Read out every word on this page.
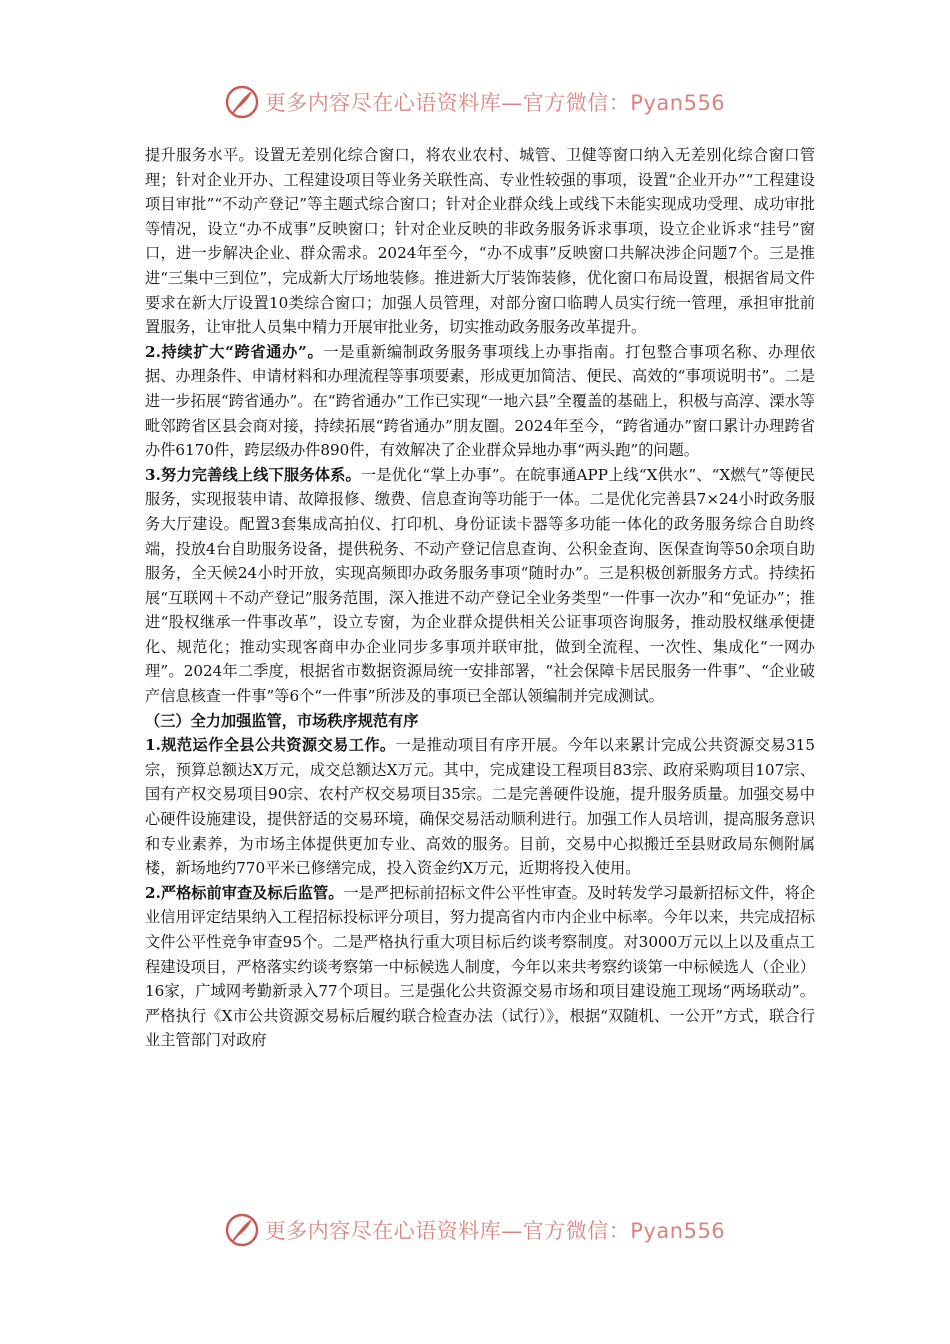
更多内容尽在心语资料库—官方微信：Pyan556

提升服务水平。设置无差别化综合窗口，将农业农村、城管、卫健等窗口纳入无差别化综合窗口管理；针对企业开办、工程建设项目等业务关联性高、专业性较强的事项，设置“企业开办”“工程建设项目审批”“不动产登记”等主题式综合窗口；针对企业群众线上或线下未能实现成功受理、成功审批等情况，设立“办不成事”反映窗口；针对企业反映的非政务服务诉求事项，设立企业诉求“挂号”窗口，进一步解决企业、群众需求。2024年至今，“办不成事”反映窗口共解决涉企问题7个。三是推进“三集中三到位”，完成新大厅场地装修。推进新大厅装饰装修，优化窗口布局设置，根据省局文件要求在新大厅设置10类综合窗口；加强人员管理，对部分窗口临聘人员实行统一管理，承担审批前置服务，让审批人员集中精力开展审批业务，切实推动政务服务改革提升。

2.持续扩大“跨省通办”。一是重新编制政务服务事项线上办事指南。打包整合事项名称、办理依据、办理条件、申请材料和办理流程等事项要素，形成更加简洁、便民、高效的“事项说明书”。二是进一步拓展“跨省通办”。在“跨省通办”工作已实现“一地六县”全覆盖的基础上，积极与高淳、溧水等毗邻跨省区县会商对接，持续拓展“跨省通办”朋友圈。2024年至今，“跨省通办”窗口累计办理跨省办件6170件，跨层级办件890件，有效解决了企业群众异地办事“两头跑”的问题。

3.努力完善线上线下服务体系。一是优化“掌上办事”。在皖事通APP上线“X供水”、“X燃气”等便民服务，实现报装申请、故障报修、缴费、信息查询等功能于一体。二是优化完善县7×24小时政务服务大厅建设。配置3套集成高拍仪、打印机、身份证读卡器等多功能一体化的政务服务综合自助终端，投放4台自助服务设备，提供税务、不动产登记信息查询、公积金查询、医保查询等50余项自助服务，全天候24小时开放，实现高频即办政务服务事项“随时办”。三是积极创新服务方式。持续拓展“互联网＋不动产登记”服务范围，深入推进不动产登记全业务类型“一件事一次办”和“免证办”；推进“股权继承一件事改革”，设立专窗，为企业群众提供相关公证事项咨询服务，推动股权继承便捷化、规范化；推动实现客商申办企业同步多事项并联审批，做到全流程、一次性、集成化“一网办理”。2024年二季度，根据省市数据资源局统一安排部署，“社会保障卡居民服务一件事”、“企业破产信息核查一件事”等6个“一件事”所涉及的事项已全部认领编制并完成测试。

（三）全力加强监管，市场秩序规范有序

1.规范运作全县公共资源交易工作。一是推动项目有序开展。今年以来累计完成公共资源交易315宗，预算总额达X万元，成交总额达X万元。其中，完成建设工程项目83宗、政府采购项目107宗、国有产权交易项目90宗、农村产权交易项目35宗。二是完善硬件设施，提升服务质量。加强交易中心硬件设施建设，提供舒适的交易环境，确保交易活动顺利进行。加强工作人员培训，提高服务意识和专业素养，为市场主体提供更加专业、高效的服务。目前，交易中心拟搬迁至县财政局东侧附属楼，新场地约770平米已修缮完成，投入资金约X万元，近期将投入使用。

2.严格标前审查及标后监管。一是严把标前招标文件公平性审查。及时转发学习最新招标文件，将企业信用评定结果纳入工程招标投标评分项目，努力提高省内市内企业中标率。今年以来，共完成招标文件公平性竞争审查95个。二是严格执行重大项目标后约谈考察制度。对3000万元以上以及重点工程建设项目，严格落实约谈考察第一中标候选人制度，今年以来共考察约谈第一中标候选人（企业）16家，广域网考勤新录入77个项目。三是强化公共资源交易市场和项目建设施工现场“两场联动”。严格执行《X市公共资源交易标后履约联合检查办法（试行）》，根据“双随机、一公开”方式，联合行业主管部门对政府

更多内容尽在心语资料库—官方微信：Pyan556
